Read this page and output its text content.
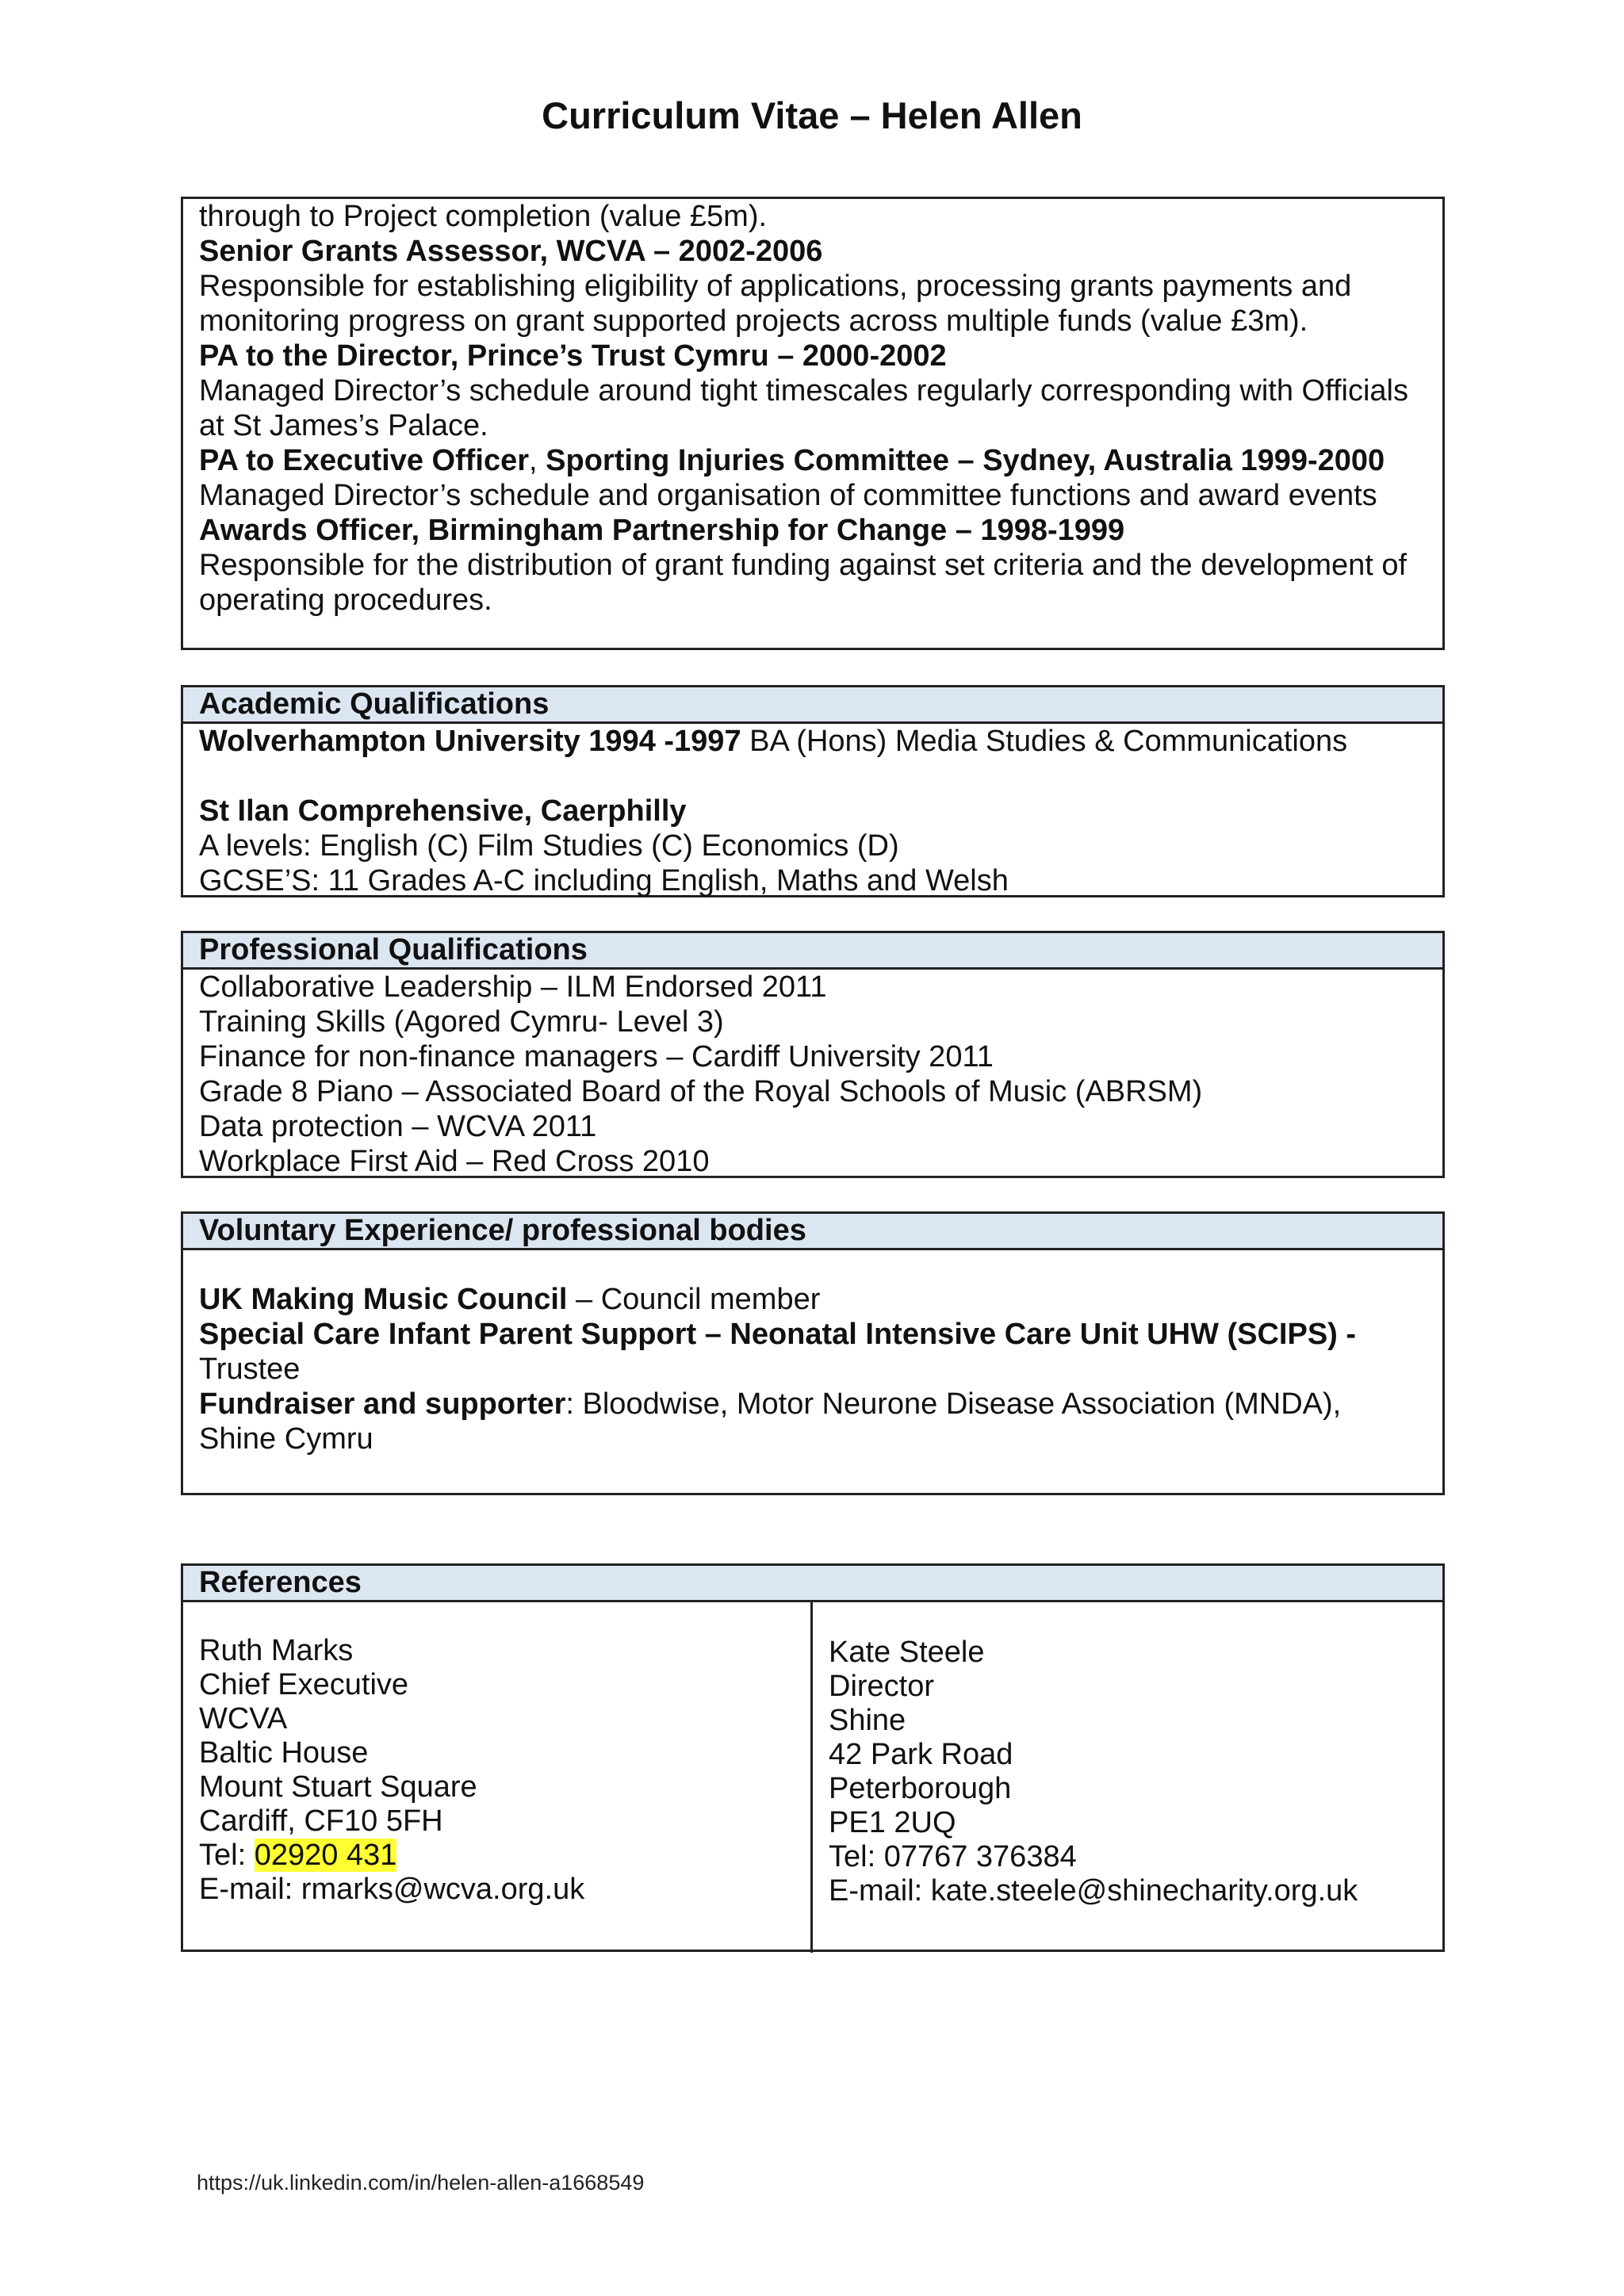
Curriculum Vitae – Helen Allen
through to Project completion (value £5m).
Senior Grants Assessor, WCVA – 2002-2006
Responsible for establishing eligibility of applications, processing grants payments and
monitoring progress on grant supported projects across multiple funds (value £3m).
PA to the Director, Prince’s Trust Cymru – 2000-2002
Managed Director’s schedule around tight timescales regularly corresponding with Officials
at St James’s Palace.
PA to Executive Officer, Sporting Injuries Committee – Sydney, Australia 1999-2000
Managed Director’s schedule and organisation of committee functions and award events
Awards Officer, Birmingham Partnership for Change – 1998-1999
Responsible for the distribution of grant funding against set criteria and the development of
operating procedures.
Academic Qualifications
Wolverhampton University 1994 -1997 BA (Hons) Media Studies & Communications
St Ilan Comprehensive, Caerphilly
A levels: English (C) Film Studies (C) Economics (D)
GCSE’S: 11 Grades A-C including English, Maths and Welsh
Professional Qualifications
Collaborative Leadership – ILM Endorsed 2011
Training Skills (Agored Cymru- Level 3)
Finance for non-finance managers – Cardiff University 2011
Grade 8 Piano – Associated Board of the Royal Schools of Music (ABRSM)
Data protection – WCVA 2011
Workplace First Aid – Red Cross 2010
Voluntary Experience/ professional bodies
UK Making Music Council – Council member
Special Care Infant Parent Support – Neonatal Intensive Care Unit UHW (SCIPS) -
Trustee
Fundraiser and supporter: Bloodwise, Motor Neurone Disease Association (MNDA),
Shine Cymru
References
Ruth Marks
Chief Executive
WCVA
Baltic House
Mount Stuart Square
Cardiff, CF10 5FH
Tel: 02920 431
E-mail: rmarks@wcva.org.uk
Kate Steele
Director
Shine
42 Park Road
Peterborough
PE1 2UQ
Tel: 07767 376384
E-mail: kate.steele@shinecharity.org.uk
https://uk.linkedin.com/in/helen-allen-a1668549
